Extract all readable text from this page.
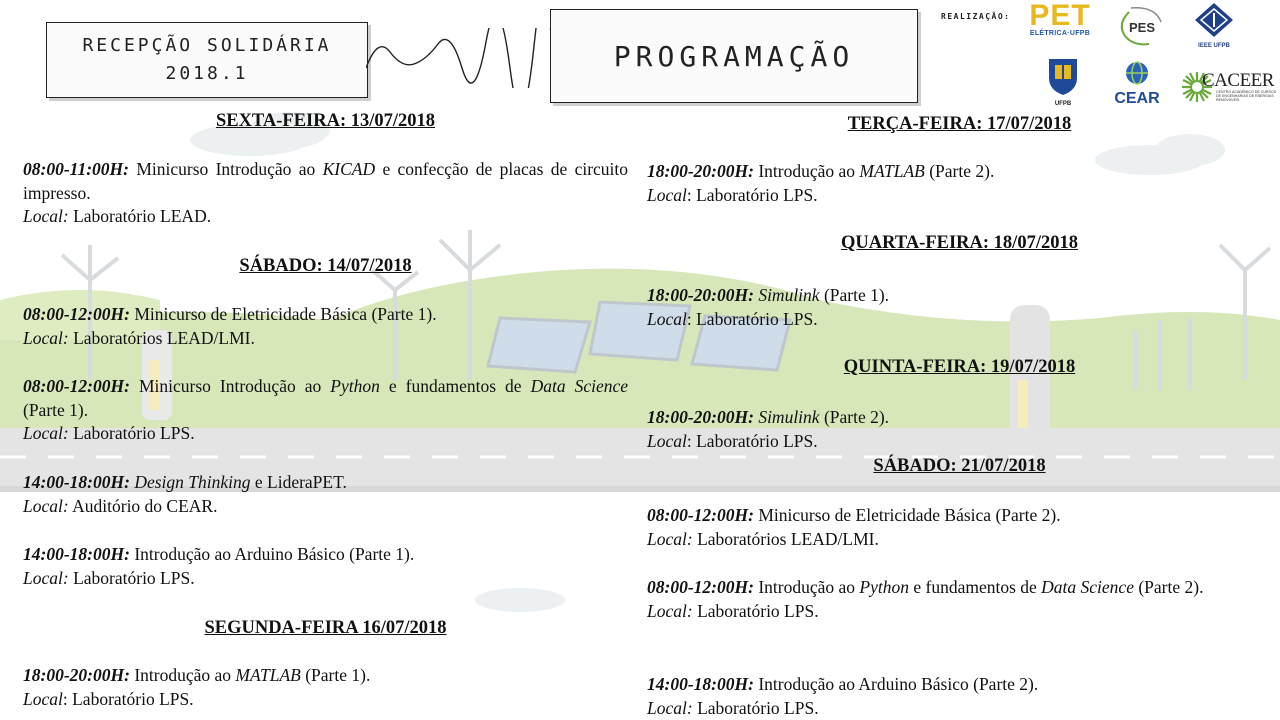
RECEPÇÃO SOLIDÁRIA
2018.1
PROGRAMAÇÃO
REALIZAÇÃO: PET
ELÉTRICA·UFPB	PES
IEEE UFPB
UFPB	CEAR
CACEER
CENTRO ACADÊMICO DE CURSOS DE ENGENHARIAS DE ENERGIAS RENOVÁVEIS
SEXTA-FEIRA: 13/07/2018
08:00-11:00H: Minicurso Introdução ao KICAD e confecção de placas de circuito impresso.
Local: Laboratório LEAD.
SÁBADO: 14/07/2018
08:00-12:00H: Minicurso de Eletricidade Básica (Parte 1).
Local: Laboratórios LEAD/LMI.
08:00-12:00H: Minicurso Introdução ao Python e fundamentos de Data Science (Parte 1).
Local: Laboratório LPS.
14:00-18:00H: Design Thinking e LideraPET.
Local: Auditório do CEAR.
14:00-18:00H: Introdução ao Arduino Básico (Parte 1).
Local: Laboratório LPS.
SEGUNDA-FEIRA 16/07/2018
18:00-20:00H: Introdução ao MATLAB (Parte 1).
Local: Laboratório LPS.
TERÇA-FEIRA: 17/07/2018
18:00-20:00H: Introdução ao MATLAB (Parte 2).
Local: Laboratório LPS.
QUARTA-FEIRA: 18/07/2018
18:00-20:00H: Simulink (Parte 1).
Local: Laboratório LPS.
QUINTA-FEIRA: 19/07/2018
18:00-20:00H: Simulink (Parte 2).
Local: Laboratório LPS.
SÁBADO: 21/07/2018
08:00-12:00H: Minicurso de Eletricidade Básica (Parte 2).
Local: Laboratórios LEAD/LMI.
08:00-12:00H: Introdução ao Python e fundamentos de Data Science (Parte 2).
Local: Laboratório LPS.
14:00-18:00H: Introdução ao Arduino Básico (Parte 2).
Local: Laboratório LPS.
